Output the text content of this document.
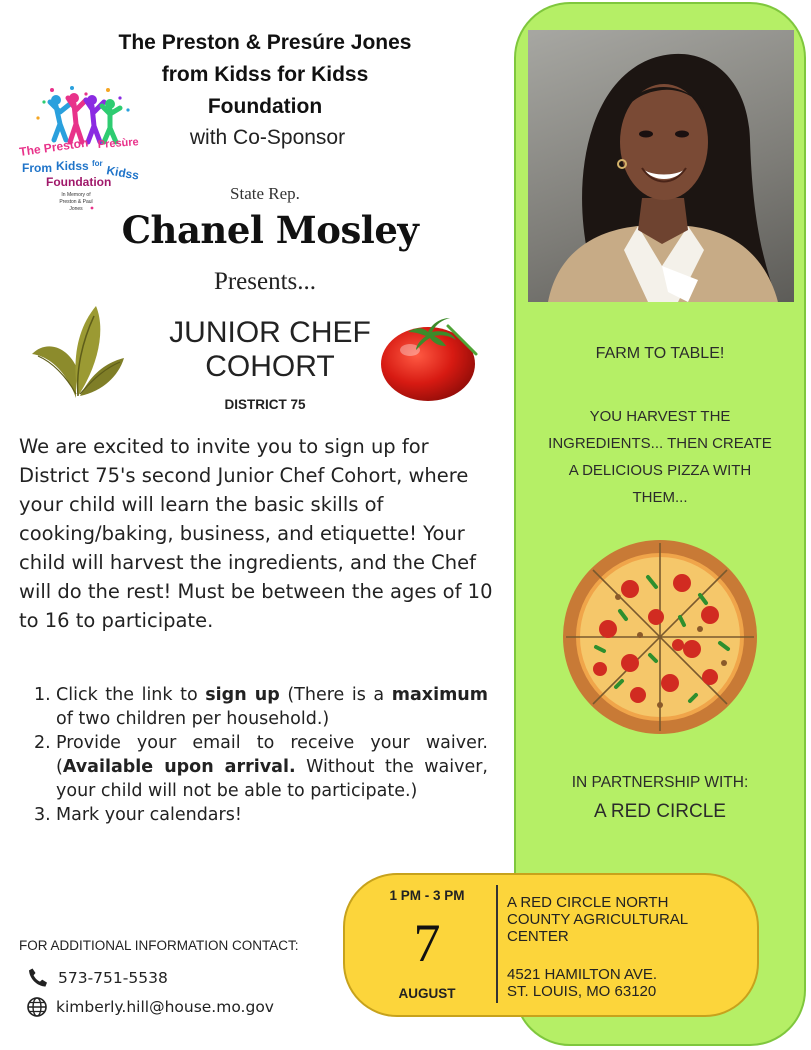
The Preston & Presúre Jones
from Kidss for Kidss
Foundation
The Preston Presùre
From Kidss for Kidss
Foundation
In Memory of
Preston & Paul
Jones
with Co-Sponsor
State Rep.
Chanel Mosley
Presents...
JUNIOR CHEF
COHORT
DISTRICT 75
We are excited to invite you to sign up for District 75's second Junior Chef Cohort, where your child will learn the basic skills of cooking/baking, business, and etiquette! Your child will harvest the ingredients, and the Chef will do the rest! Must be between the ages of 10 to 16 to participate.
1. Click the link to sign up (There is a maximum of two children per household.)
2. Provide your email to receive your waiver. (Available upon arrival. Without the waiver, your child will not be able to participate.)
3. Mark your calendars!
FOR ADDITIONAL INFORMATION CONTACT:
573-751-5538
kimberly.hill@house.mo.gov
FARM TO TABLE!
YOU HARVEST THE
INGREDIENTS... THEN CREATE
A DELICIOUS PIZZA WITH
THEM...
IN PARTNERSHIP WITH:
A RED CIRCLE
1 PM - 3 PM
7
AUGUST
A RED CIRCLE NORTH
COUNTY AGRICULTURAL
CENTER
4521 HAMILTON AVE.
ST. LOUIS, MO 63120
